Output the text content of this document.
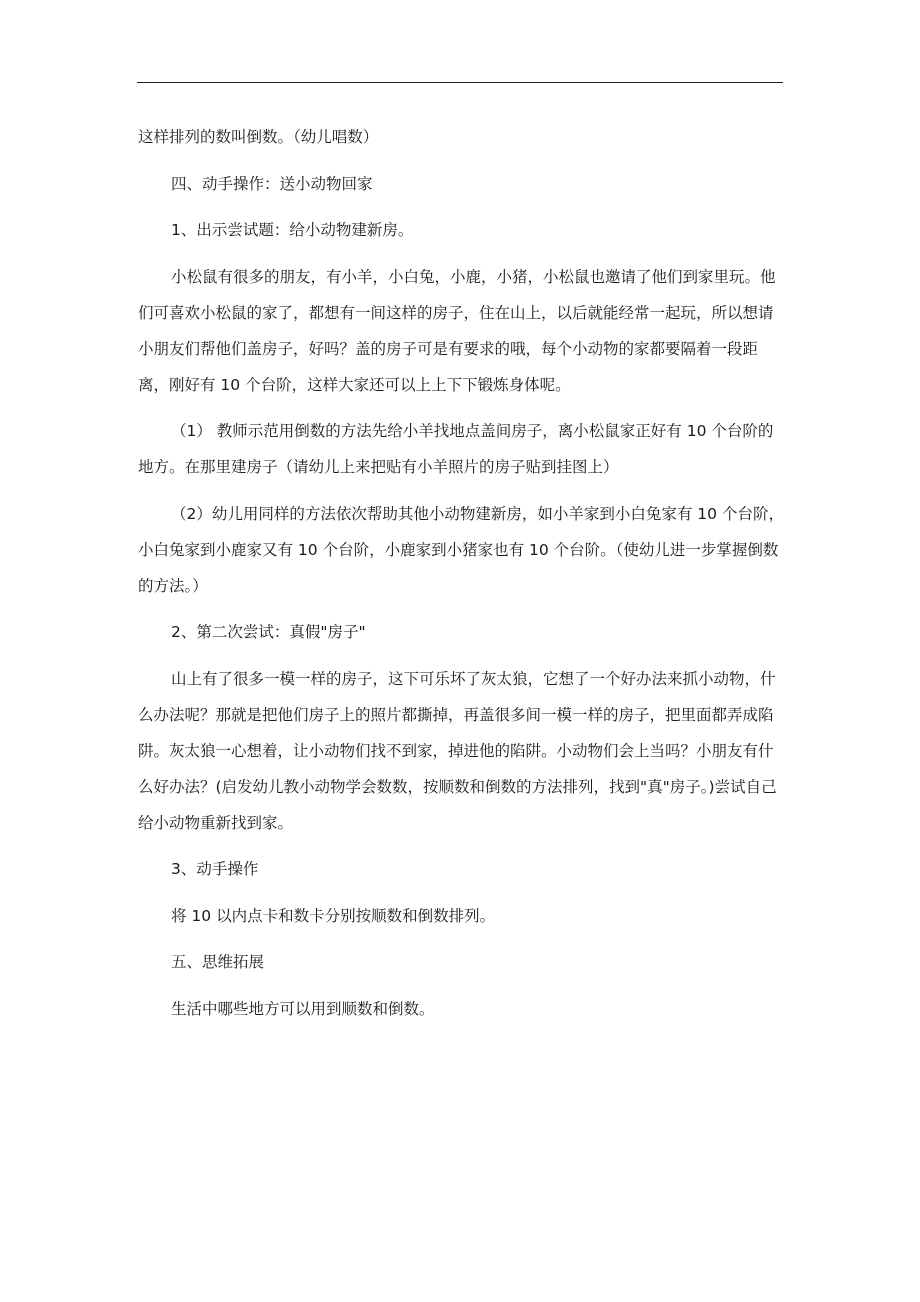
这样排列的数叫倒数。（幼儿唱数）

四、动手操作：送小动物回家

1、出示尝试题：给小动物建新房。

小松鼠有很多的朋友，有小羊，小白兔，小鹿，小猪，小松鼠也邀请了他们到家里玩。他们可喜欢小松鼠的家了，都想有一间这样的房子，住在山上，以后就能经常一起玩，所以想请小朋友们帮他们盖房子，好吗？盖的房子可是有要求的哦，每个小动物的家都要隔着一段距离，刚好有 10 个台阶，这样大家还可以上上下下锻炼身体呢。

（1） 教师示范用倒数的方法先给小羊找地点盖间房子，离小松鼠家正好有 10 个台阶的地方。在那里建房子（请幼儿上来把贴有小羊照片的房子贴到挂图上）

（2）幼儿用同样的方法依次帮助其他小动物建新房，如小羊家到小白兔家有 10 个台阶，小白兔家到小鹿家又有 10 个台阶，小鹿家到小猪家也有 10 个台阶。（使幼儿进一步掌握倒数的方法。）

2、第二次尝试：真假"房子"

山上有了很多一模一样的房子，这下可乐坏了灰太狼，它想了一个好办法来抓小动物，什么办法呢？那就是把他们房子上的照片都撕掉，再盖很多间一模一样的房子，把里面都弄成陷阱。灰太狼一心想着，让小动物们找不到家，掉进他的陷阱。小动物们会上当吗？小朋友有什么好办法？(启发幼儿教小动物学会数数，按顺数和倒数的方法排列，找到"真"房子。)尝试自己给小动物重新找到家。

3、动手操作

将 10 以内点卡和数卡分别按顺数和倒数排列。

五、思维拓展

生活中哪些地方可以用到顺数和倒数。
